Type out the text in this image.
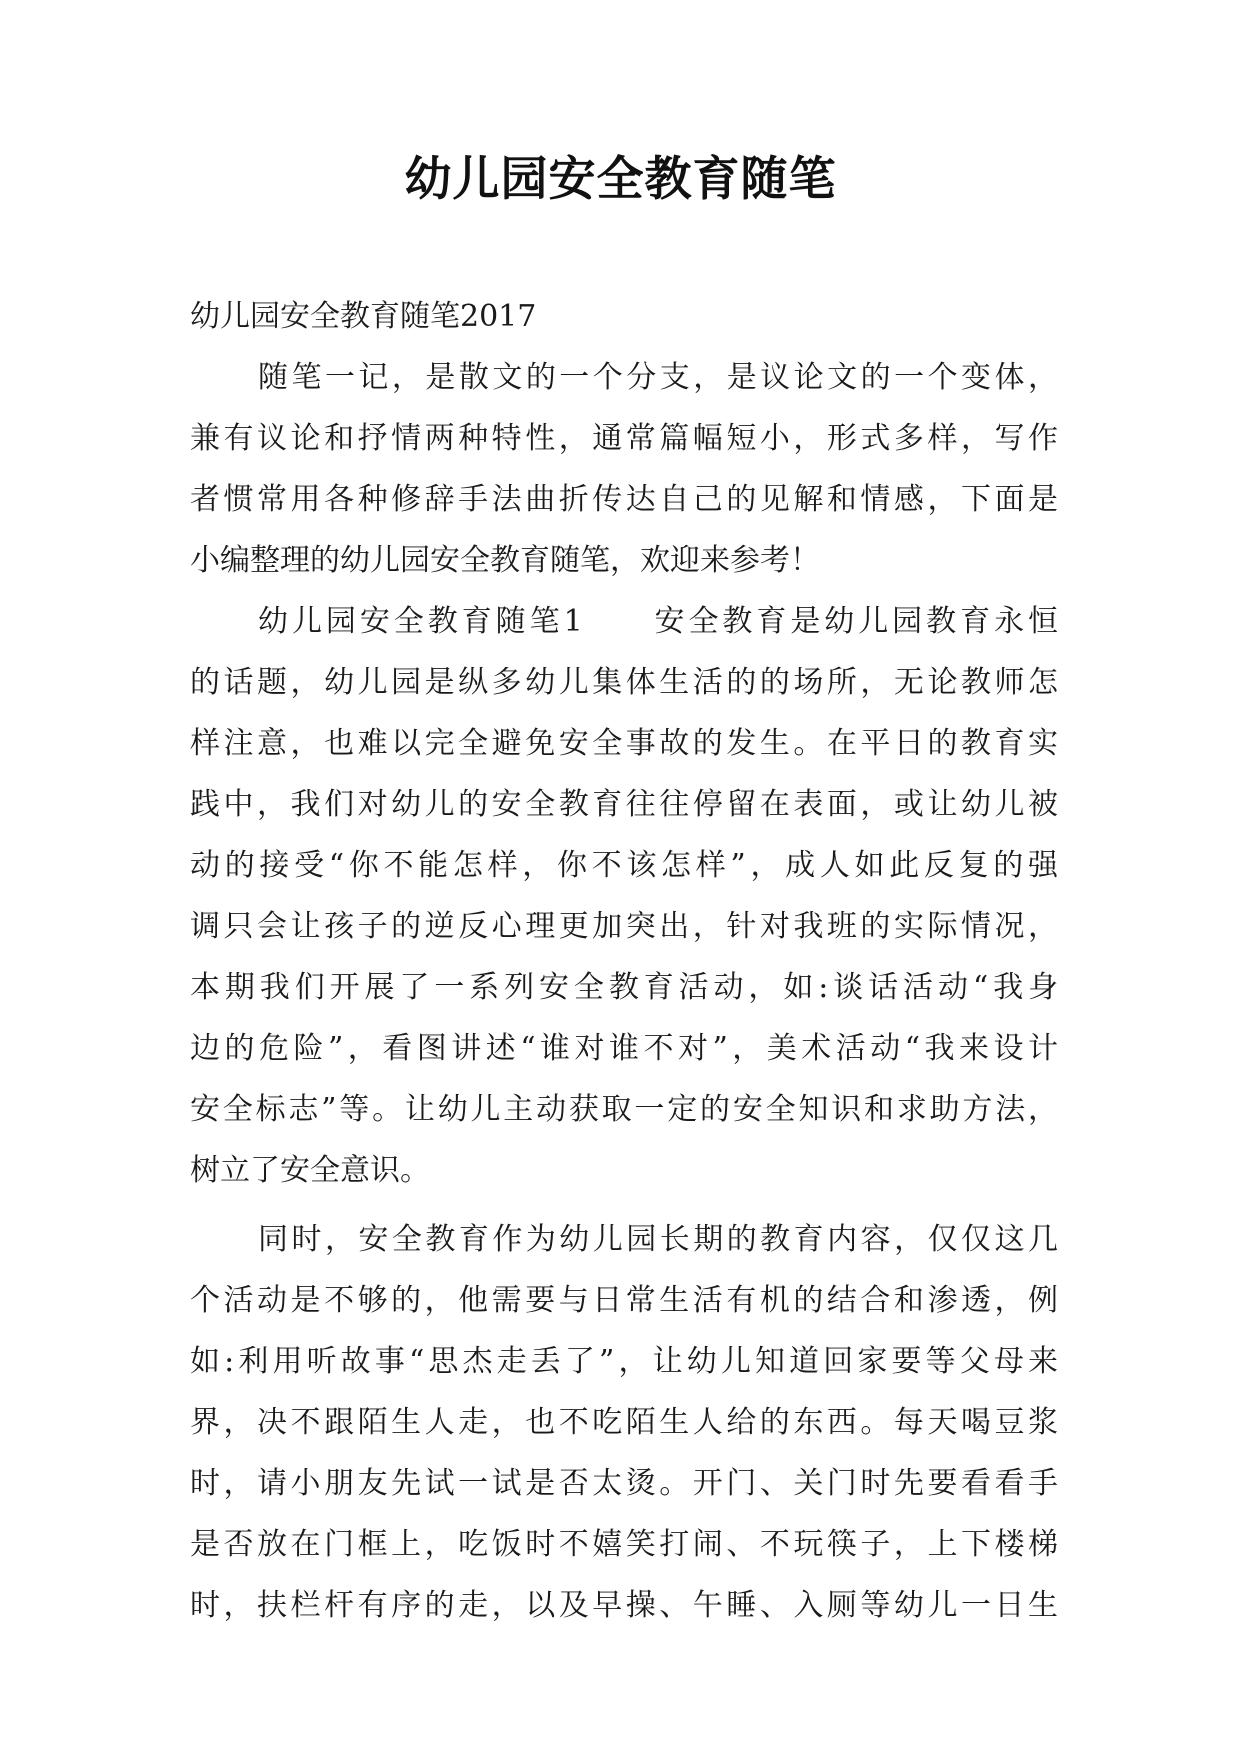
幼儿园安全教育随笔
幼儿园安全教育随笔2017
随笔一记，是散文的一个分支，是议论文的一个变体，
兼有议论和抒情两种特性，通常篇幅短小，形式多样，写作
者惯常用各种修辞手法曲折传达自己的见解和情感，下面是
小编整理的幼儿园安全教育随笔，欢迎来参考！
幼儿园安全教育随笔1　　安全教育是幼儿园教育永恒
的话题，幼儿园是纵多幼儿集体生活的的场所，无论教师怎
样注意，也难以完全避免安全事故的发生。在平日的教育实
践中，我们对幼儿的安全教育往往停留在表面，或让幼儿被
动的接受“你不能怎样，你不该怎样”，成人如此反复的强
调只会让孩子的逆反心理更加突出，针对我班的实际情况，
本期我们开展了一系列安全教育活动，如:谈话活动“我身
边的危险”，看图讲述“谁对谁不对”，美术活动“我来设计
安全标志”等。让幼儿主动获取一定的安全知识和求助方法，
树立了安全意识。
同时，安全教育作为幼儿园长期的教育内容，仅仅这几
个活动是不够的，他需要与日常生活有机的结合和渗透，例
如:利用听故事“思杰走丢了”，让幼儿知道回家要等父母来
界，决不跟陌生人走，也不吃陌生人给的东西。每天喝豆浆
时，请小朋友先试一试是否太烫。开门、关门时先要看看手
是否放在门框上，吃饭时不嬉笑打闹、不玩筷子，上下楼梯
时，扶栏杆有序的走，以及早操、午睡、入厕等幼儿一日生
